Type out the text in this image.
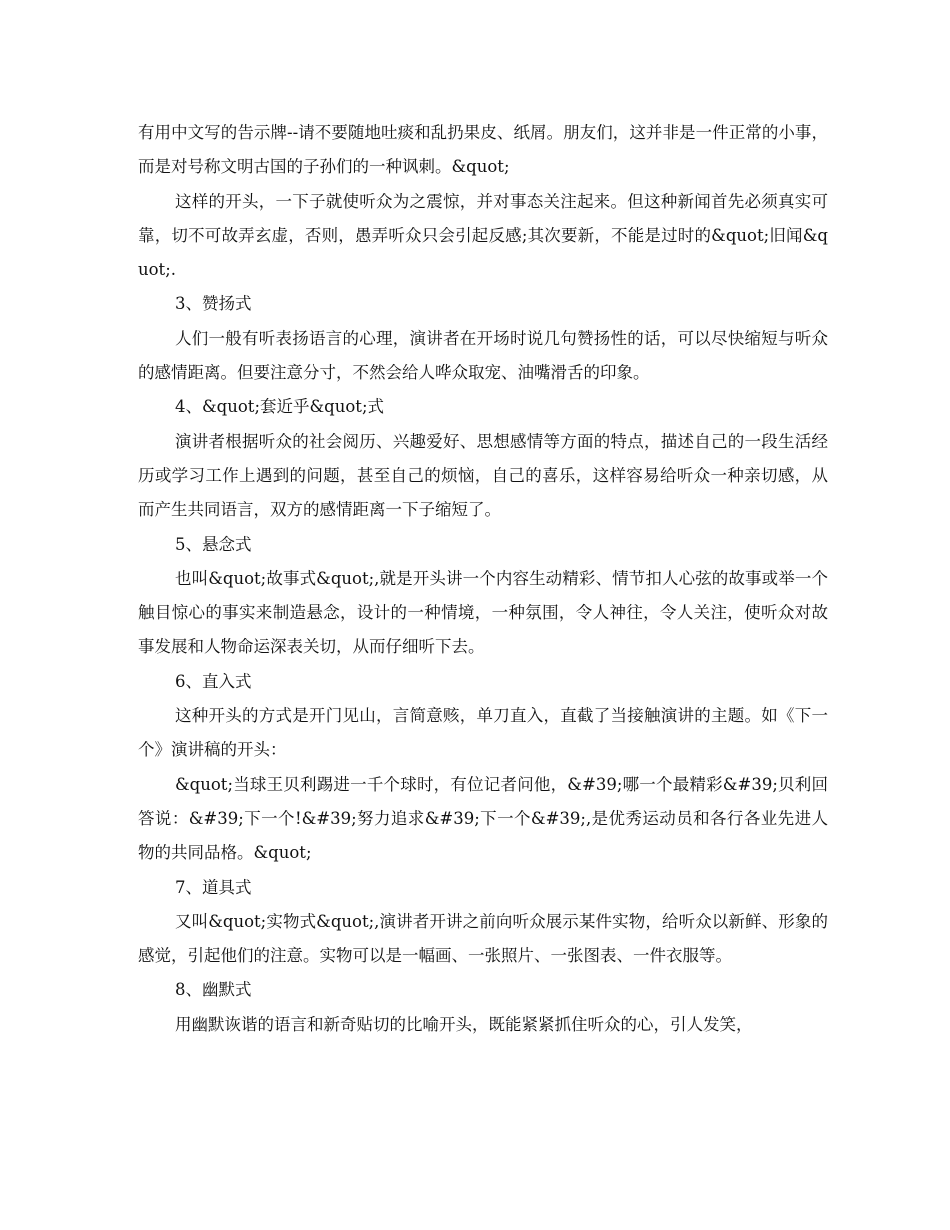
有用中文写的告示牌--请不要随地吐痰和乱扔果皮、纸屑。朋友们，这并非是一件正常的小事，而是对号称文明古国的子孙们的一种讽刺。&quot;

这样的开头，一下子就使听众为之震惊，并对事态关注起来。但这种新闻首先必须真实可靠，切不可故弄玄虚，否则，愚弄听众只会引起反感;其次要新，不能是过时的&quot;旧闻&quot;.

3、赞扬式

人们一般有听表扬语言的心理，演讲者在开场时说几句赞扬性的话，可以尽快缩短与听众的感情距离。但要注意分寸，不然会给人哗众取宠、油嘴滑舌的印象。

4、&quot;套近乎&quot;式

演讲者根据听众的社会阅历、兴趣爱好、思想感情等方面的特点，描述自己的一段生活经历或学习工作上遇到的问题，甚至自己的烦恼，自己的喜乐，这样容易给听众一种亲切感，从而产生共同语言，双方的感情距离一下子缩短了。

5、悬念式

也叫&quot;故事式&quot;,就是开头讲一个内容生动精彩、情节扣人心弦的故事或举一个触目惊心的事实来制造悬念，设计的一种情境，一种氛围，令人神往，令人关注，使听众对故事发展和人物命运深表关切，从而仔细听下去。

6、直入式

这种开头的方式是开门见山，言简意赅，单刀直入，直截了当接触演讲的主题。如《下一个》演讲稿的开头：

&quot;当球王贝利踢进一千个球时，有位记者问他，&#39;哪一个最精彩&#39;贝利回答说：&#39;下一个!&#39;努力追求&#39;下一个&#39;,是优秀运动员和各行各业先进人物的共同品格。&quot;

7、道具式

又叫&quot;实物式&quot;,演讲者开讲之前向听众展示某件实物，给听众以新鲜、形象的感觉，引起他们的注意。实物可以是一幅画、一张照片、一张图表、一件衣服等。

8、幽默式

用幽默诙谐的语言和新奇贴切的比喻开头，既能紧紧抓住听众的心，引人发笑，
